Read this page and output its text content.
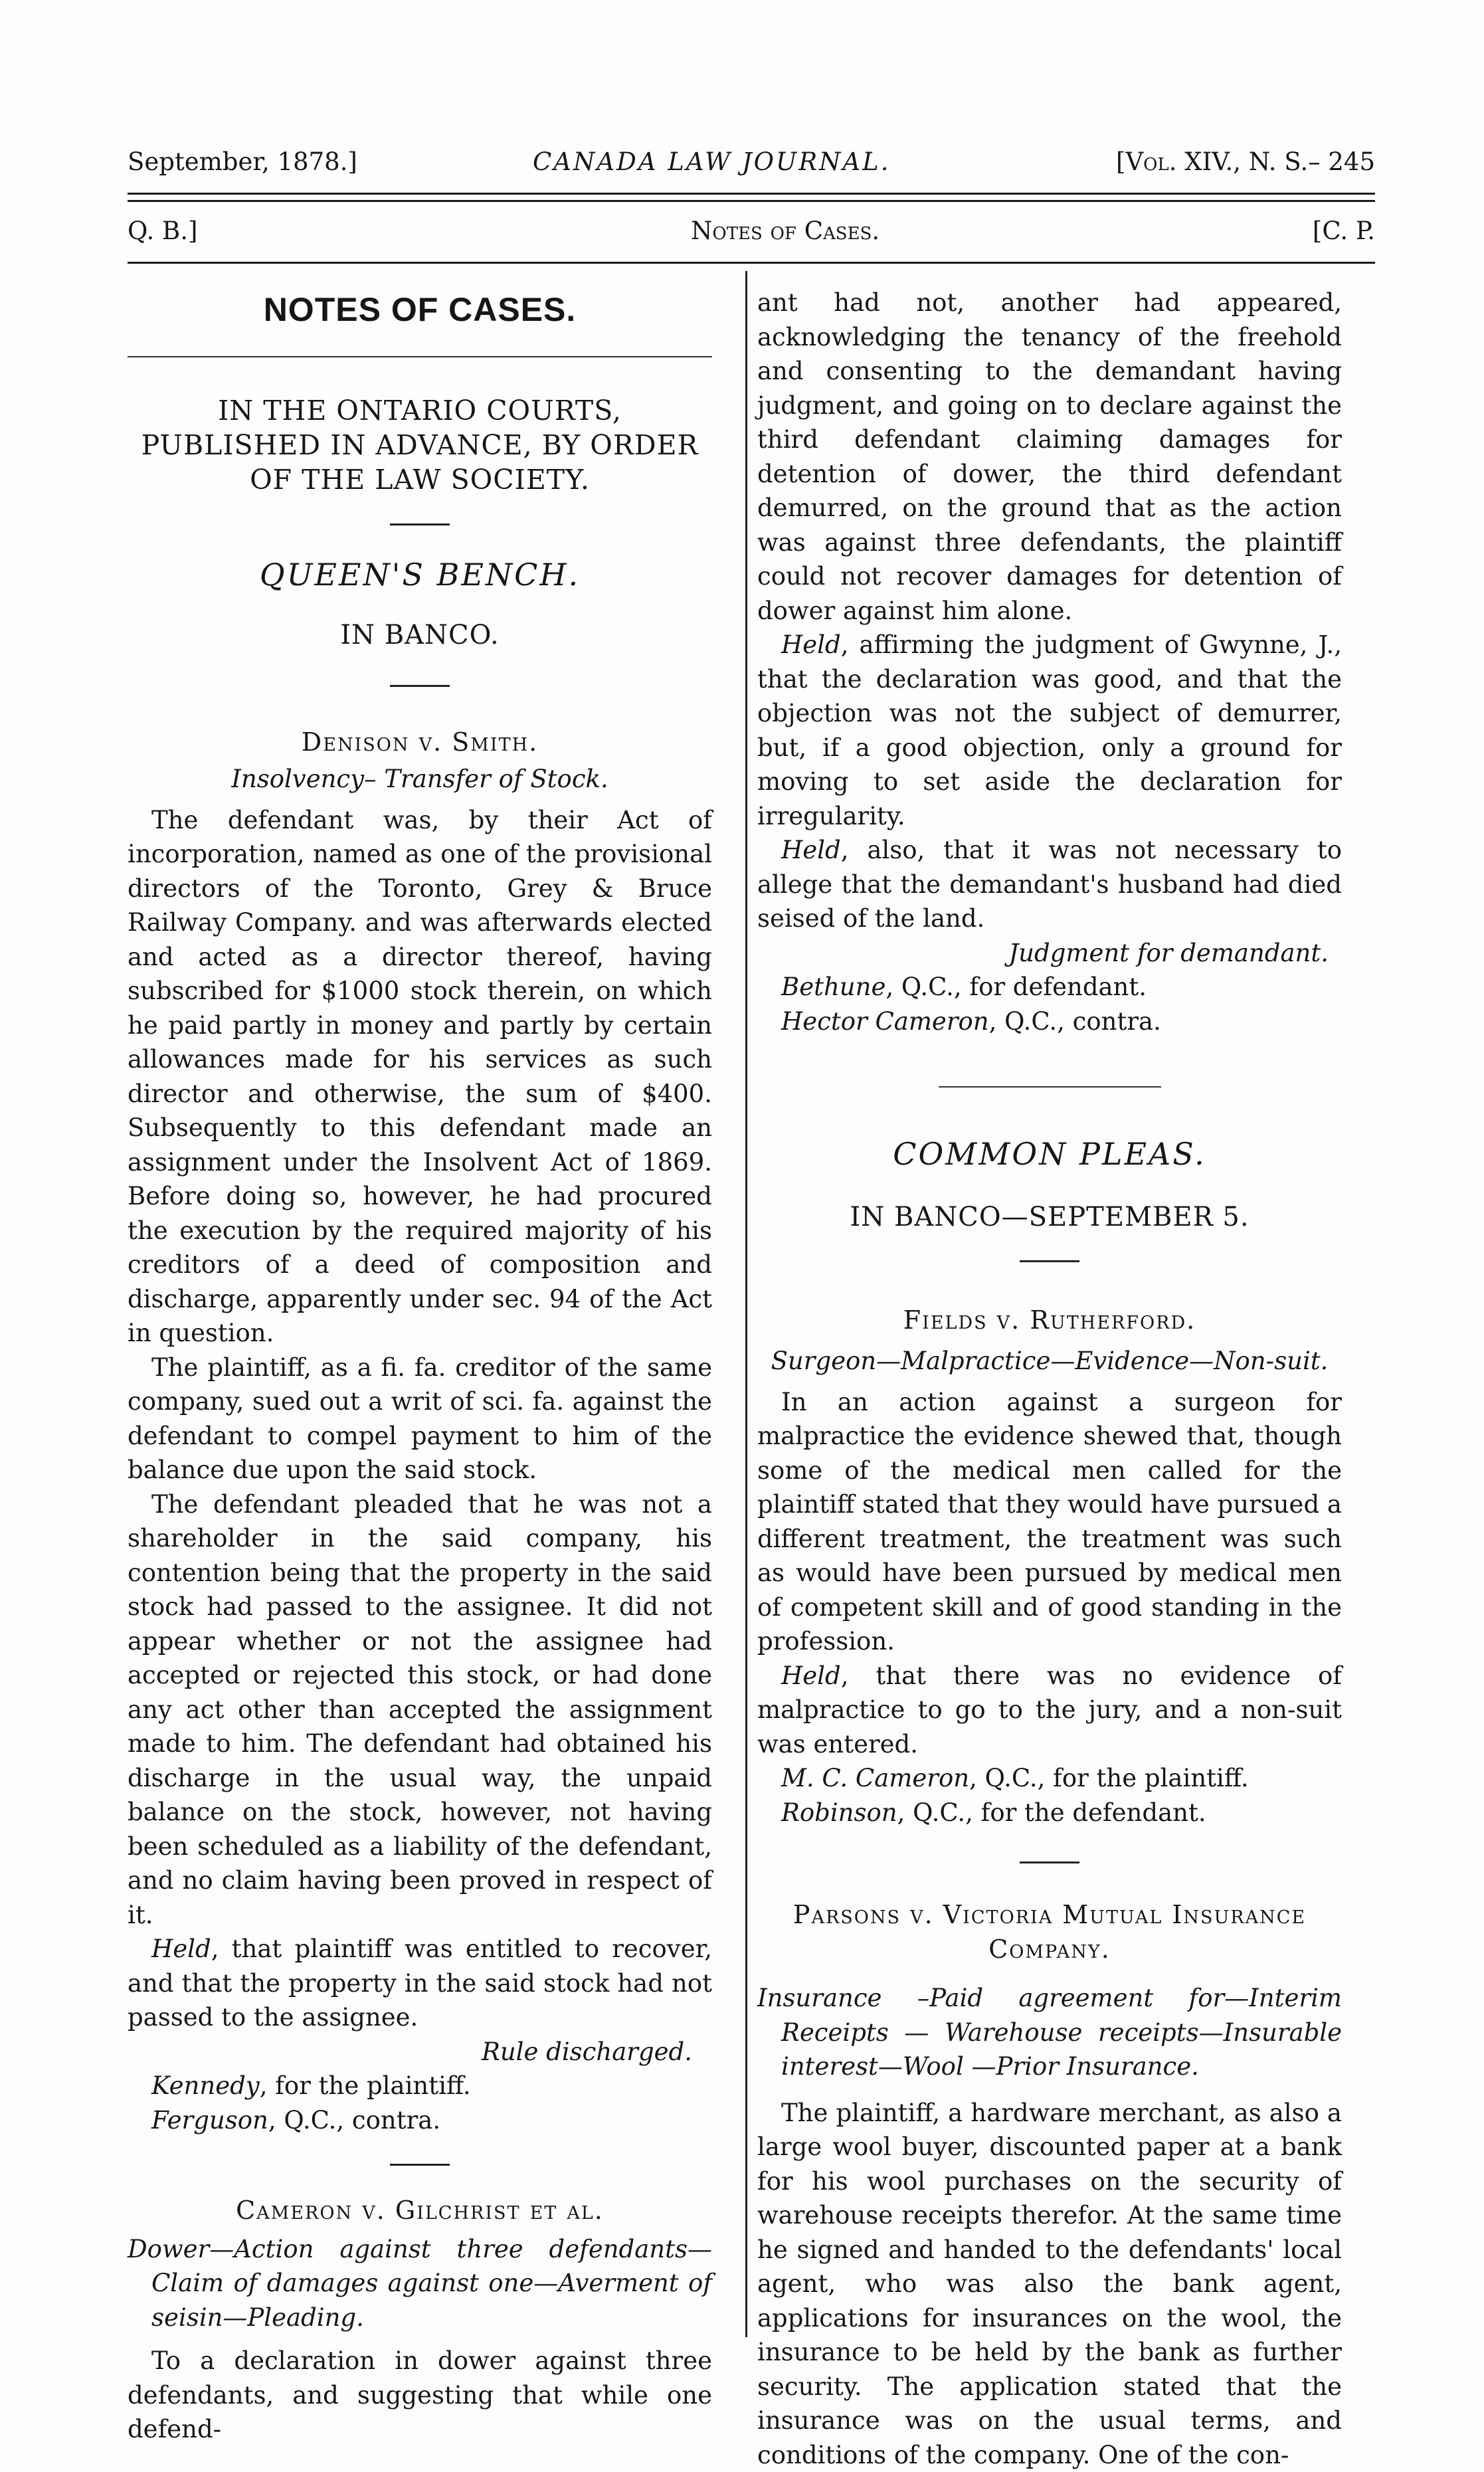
September, 1878.]	CANADA LAW JOURNAL.	[Vol. XIV., N. S.– 245
Q. B.]	Notes of Cases.	[C. P.
NOTES OF CASES.
IN THE ONTARIO COURTS, PUBLISHED IN ADVANCE, BY ORDER OF THE LAW SOCIETY.
QUEEN'S BENCH.
IN BANCO.
Denison v. Smith.
Insolvency– Transfer of Stock.

The defendant was, by their Act of incorporation, named as one of the provisional directors of the Toronto, Grey & Bruce Railway Company. and was afterwards elected and acted as a director thereof, having subscribed for $1000 stock therein, on which he paid partly in money and partly by certain allowances made for his services as such director and otherwise, the sum of $400. Subsequently to this defendant made an assignment under the Insolvent Act of 1869. Before doing so, however, he had procured the execution by the required majority of his creditors of a deed of composition and discharge, apparently under sec. 94 of the Act in question.

The plaintiff, as a fi. fa. creditor of the same company, sued out a writ of sci. fa. against the defendant to compel payment to him of the balance due upon the said stock.

The defendant pleaded that he was not a shareholder in the said company, his contention being that the property in the said stock had passed to the assignee. It did not appear whether or not the assignee had accepted or rejected this stock, or had done any act other than accepted the assignment made to him. The defendant had obtained his discharge in the usual way, the unpaid balance on the stock, however, not having been scheduled as a liability of the defendant, and no claim having been proved in respect of it.

Held, that plaintiff was entitled to recover, and that the property in the said stock had not passed to the assignee.

Rule discharged.

Kennedy, for the plaintiff.

Ferguson, Q.C., contra.

Cameron v. Gilchrist et al.

Dower—Action against three defendants—Claim of damages against one—Averment of seisin—Pleading.

To a declaration in dower against three defendants, and suggesting that while one defend-

ant had not, another had appeared, acknowledging the tenancy of the freehold and consenting to the demandant having judgment, and going on to declare against the third defendant claiming damages for detention of dower, the third defendant demurred, on the ground that as the action was against three defendants, the plaintiff could not recover damages for detention of dower against him alone.

Held, affirming the judgment of Gwynne, J., that the declaration was good, and that the objection was not the subject of demurrer, but, if a good objection, only a ground for moving to set aside the declaration for irregularity.

Held, also, that it was not necessary to allege that the demandant's husband had died seised of the land.

Judgment for demandant.

Bethune, Q.C., for defendant.

Hector Cameron, Q.C., contra.

COMMON PLEAS.
IN BANCO—SEPTEMBER 5.
Fields v. Rutherford.
Surgeon—Malpractice—Evidence—Non-suit.

In an action against a surgeon for malpractice the evidence shewed that, though some of the medical men called for the plaintiff stated that they would have pursued a different treatment, the treatment was such as would have been pursued by medical men of competent skill and of good standing in the profession.

Held, that there was no evidence of malpractice to go to the jury, and a non-suit was entered.

M. C. Cameron, Q.C., for the plaintiff.

Robinson, Q.C., for the defendant.

Parsons v. Victoria Mutual Insurance Company.

Insurance –Paid agreement for—Interim Receipts — Warehouse receipts—Insurable interest—Wool —Prior Insurance.

The plaintiff, a hardware merchant, as also a large wool buyer, discounted paper at a bank for his wool purchases on the security of warehouse receipts therefor. At the same time he signed and handed to the defendants' local agent, who was also the bank agent, applications for insurances on the wool, the insurance to be held by the bank as further security. The application stated that the insurance was on the usual terms, and conditions of the company. One of the con-
